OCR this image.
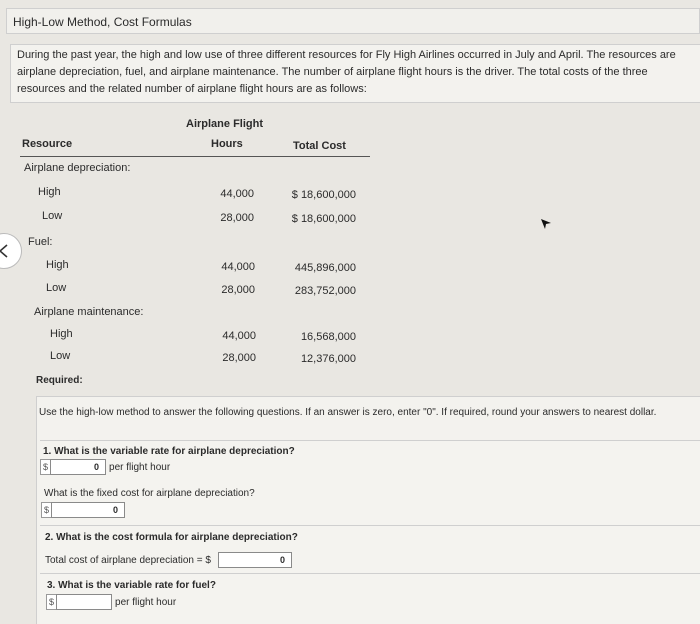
High-Low Method, Cost Formulas
During the past year, the high and low use of three different resources for Fly High Airlines occurred in July and April. The resources are airplane depreciation, fuel, and airplane maintenance. The number of airplane flight hours is the driver. The total costs of the three resources and the related number of airplane flight hours are as follows:
Airplane Flight
Resource	Hours	Total Cost
Airplane depreciation:
High	44,000	$ 18,600,000
Low	28,000	$ 18,600,000
Fuel:
High	44,000	445,896,000
Low	28,000	283,752,000
Airplane maintenance:
High	44,000	16,568,000
Low	28,000	12,376,000
Required:
Use the high-low method to answer the following questions. If an answer is zero, enter "0". If required, round your answers to nearest dollar.
1. What is the variable rate for airplane depreciation?
$	0	per flight hour
What is the fixed cost for airplane depreciation?
$	0
2. What is the cost formula for airplane depreciation?
Total cost of airplane depreciation = $	0
3. What is the variable rate for fuel?
$	per flight hour
